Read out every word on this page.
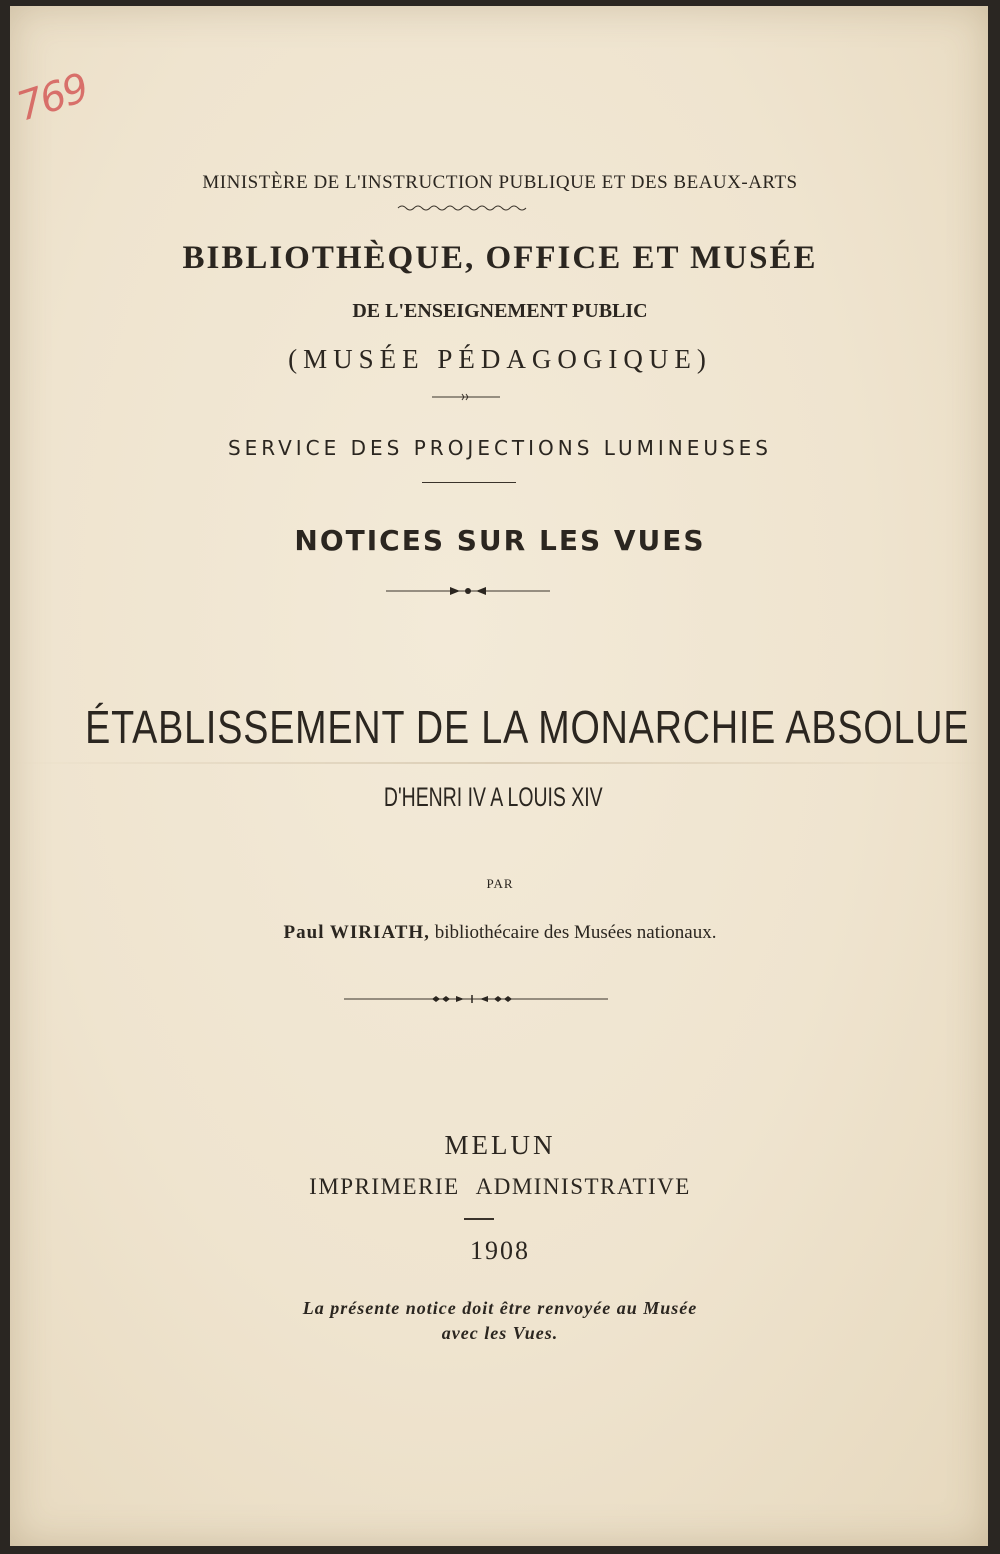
769
MINISTÈRE DE L'INSTRUCTION PUBLIQUE ET DES BEAUX-ARTS
BIBLIOTHÈQUE, OFFICE ET MUSÉE
DE L'ENSEIGNEMENT PUBLIC
(MUSÉE PÉDAGOGIQUE)
SERVICE DES PROJECTIONS LUMINEUSES
NOTICES SUR LES VUES
ÉTABLISSEMENT DE LA MONARCHIE ABSOLUE
D'HENRI IV A LOUIS XIV
PAR
Paul WIRIATH, bibliothécaire des Musées nationaux.
MELUN
IMPRIMERIE ADMINISTRATIVE
1908
La présente notice doit être renvoyée au Musée
avec les Vues.
